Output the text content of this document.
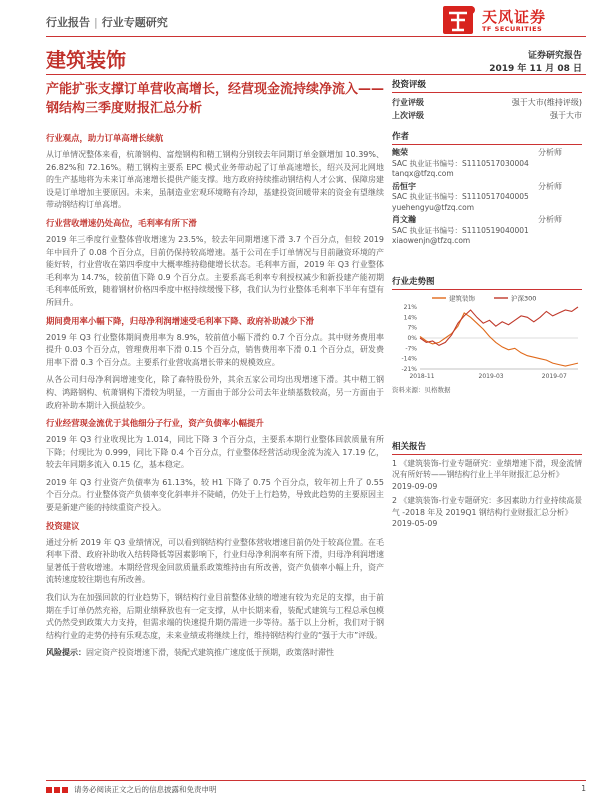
行业报告 | 行业专题研究	天风证券
TF SECURITIES
建筑装饰	证券研究报告
2019 年 11 月 08 日
产能扩张支撑订单营收高增长，经营现金流持续净流入——钢结构三季度财报汇总分析
行业观点，助力订单高增长续航

从订单情况整体来看，杭萧钢构、富煌钢构和精工钢构分别较去年同期订单金额增加 10.39%、26.82%和 72.16%。精工钢构主要系 EPC 模式业务带动起了订单高速增长，绍兴及河北网地的生产基地将为未来订单高速增长提供产能支撑。地方政府持续推动钢结构人才公寓、保障房建设是订单增加主要原因。未来，虽制造业宏观环境略有冷却，基建投资回暖带来的资金有望继续带动钢结构订单高增。

行业营收增速仍处高位，毛利率有所下滑

2019 年三季度行业整体营收增速为 23.5%，较去年同期增速下滑 3.7 个百分点，但较 2019 年中回升了 0.08 个百分点，目前仍保持较高增速。基于公司在手订单情况与目前融资环境的产能好转，行业营收在第四季度中大概率维持稳健增长状态。毛利率方面，2019 年 Q3 行业整体毛利率为 14.7%，较前值下降 0.9 个百分点。主要系高毛利率专利授权减少和新投建产能初期毛利率低所致，随着钢材价格四季度中枢持续缓慢下移，我们认为行业整体毛利率下半年有望有所回升。

期间费用率小幅下降，归母净利润增速受毛利率下降、政府补助减少下滑

2019 年 Q3 行业整体期间费用率为 8.9%，较前值小幅下滑约 0.7 个百分点。其中财务费用率提升 0.03 个百分点，管理费用率下滑 0.15 个百分点，销售费用率下滑 0.1 个百分点，研发费用率下滑 0.3 个百分点。主要系行业营收高增长带来的规模效应。

从各公司归母净利润增速变化，除了森特股份外，其余五家公司均出现增速下滑。其中精工钢构、鸿路钢构、杭萧钢构下滑较为明显，一方面由于部分公司去年业绩基数较高，另一方面由于政府补助本期计入损益较少。

行业经营现金流优于其他细分子行业，资产负债率小幅提升

2019 年 Q3 行业收现比为 1.014，同比下降 3 个百分点，主要系本期行业整体回款质量有所下降；付现比为 0.999，同比下降 0.4 个百分点，行业整体经营活动现金流为流入 17.19 亿，较去年同期多流入 0.15 亿，基本稳定。

2019 年 Q3 行业资产负债率为 61.13%，较 H1 下降了 0.75 个百分点，较年初上升了 0.55 个百分点。行业整体资产负债率变化斜率并不陡峭，仍处于上行趋势，导致此趋势的主要原因主要是新建产能的持续重资产投入。

投资建议

通过分析 2019 年 Q3 业绩情况，可以看到钢结构行业整体营收增速目前仍处于较高位置。在毛利率下滑、政府补助收入结转降低等因素影响下，行业归母净利润率有所下滑，归母净利润增速显著低于营收增速。本期经营现金回款质量系政策维持由有所改善，资产负债率小幅上升，资产流转速度较往期也有所改善。

我们认为在加强回款的行业趋势下，钢结构行业目前整体业绩的增速有较为充足的支撑，由于前期在手订单仍然充裕，后期业绩释放也有一定支撑，从中长期来看，装配式建筑与工程总承包模式仍然受到政策大力支持，但需求端的快速提升期仍需进一步等待。基于以上分析，我们对于钢结构行业的走势仍持有乐观态度，未来业绩或将继续上行，维持钢结构行业的“强于大市”评级。

风险提示：固定资产投资增速下滑，装配式建筑推广速度低于预期，政策落时滞性

投资评级
行业评级	强于大市(维持评级)
上次评级	强于大市
作者
鲍荣	分析师
SAC 执业证书编号：S1110517030004
tanqx@tfzq.com
岳恒宇	分析师
SAC 执业证书编号：S1110517040005
yuehengyu@tfzq.com
肖文瀚	分析师
SAC 执业证书编号：S1110519040001
xiaowenjn@tfzq.com
行业走势图
建筑装饰	沪深300
21%
14%
7%
0%
-7%
-14%
-21%
2018-11	2019-03	2019-07
资料来源：贝格数据
相关报告
1 《建筑装饰-行业专题研究：业绩增速下滑，现金流情况有所好转——钢结构行业上半年财报汇总分析》
2019-09-09
2 《建筑装饰-行业专题研究：多因素助力行业持续高景气 -2018 年及 2019Q1 钢结构行业财报汇总分析》
2019-05-09
请务必阅读正文之后的信息披露和免责申明	1
